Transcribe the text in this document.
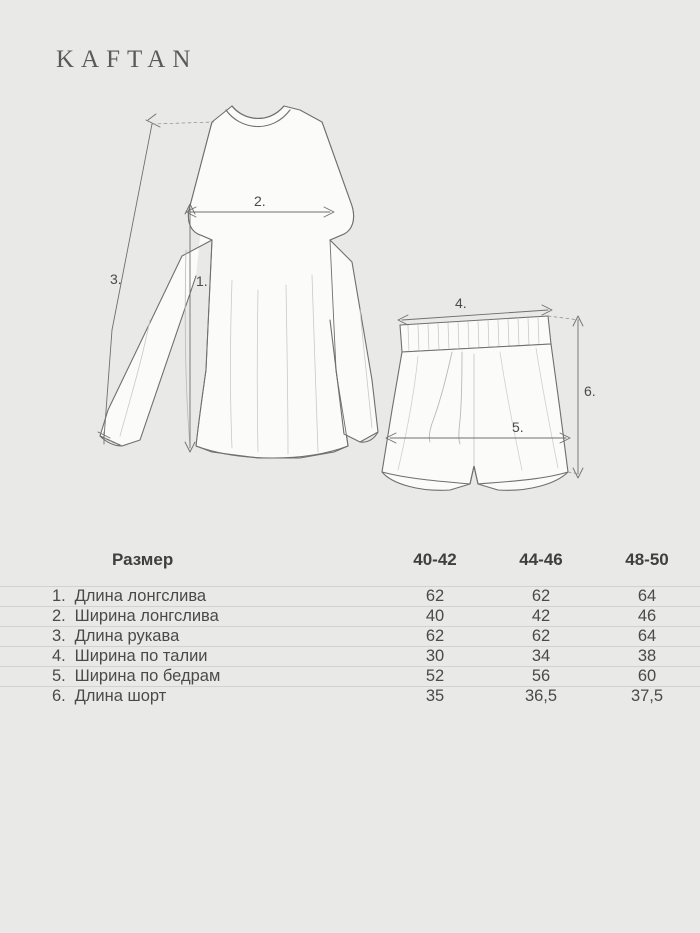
KAFTAN
2.
1.
3.
4.
6.
5.
Размер	40-42	44-46	48-50
1. Длина лонгслива	62	62	64
2. Ширина лонгслива	40	42	46
3. Длина рукава	62	62	64
4. Ширина по талии	30	34	38
5. Ширина по бедрам	52	56	60
6. Длина шорт	35	36,5	37,5
